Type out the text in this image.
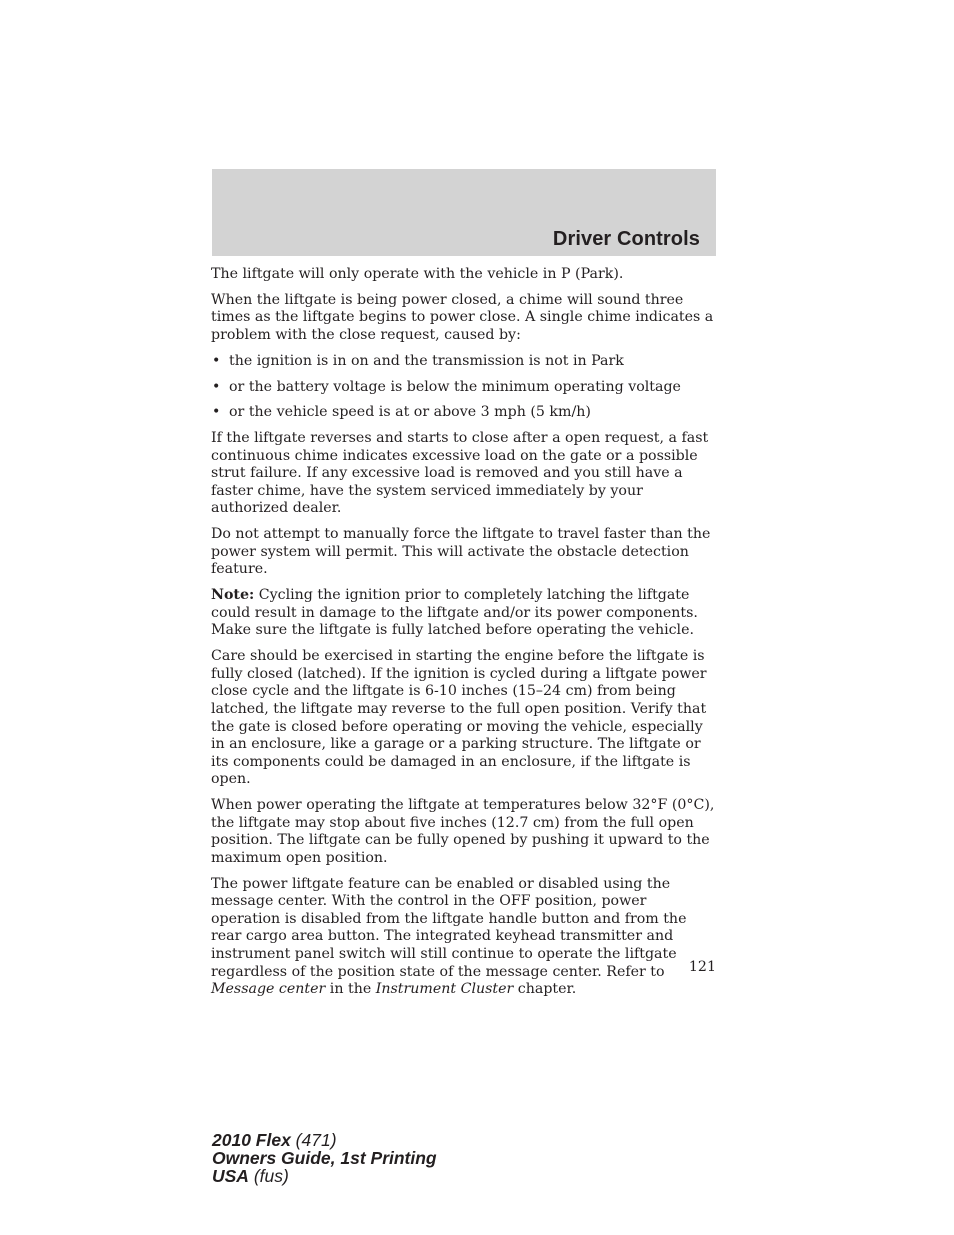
Driver Controls

The liftgate will only operate with the vehicle in P (Park).

When the liftgate is being power closed, a chime will sound three times as the liftgate begins to power close. A single chime indicates a problem with the close request, caused by:

• the ignition is in on and the transmission is not in Park
• or the battery voltage is below the minimum operating voltage
• or the vehicle speed is at or above 3 mph (5 km/h)

If the liftgate reverses and starts to close after a open request, a fast continuous chime indicates excessive load on the gate or a possible strut failure. If any excessive load is removed and you still have a faster chime, have the system serviced immediately by your authorized dealer.

Do not attempt to manually force the liftgate to travel faster than the power system will permit. This will activate the obstacle detection feature.

Note: Cycling the ignition prior to completely latching the liftgate could result in damage to the liftgate and/or its power components. Make sure the liftgate is fully latched before operating the vehicle.

Care should be exercised in starting the engine before the liftgate is fully closed (latched). If the ignition is cycled during a liftgate power close cycle and the liftgate is 6-10 inches (15–24 cm) from being latched, the liftgate may reverse to the full open position. Verify that the gate is closed before operating or moving the vehicle, especially in an enclosure, like a garage or a parking structure. The liftgate or its components could be damaged in an enclosure, if the liftgate is open.

When power operating the liftgate at temperatures below 32°F (0°C), the liftgate may stop about five inches (12.7 cm) from the full open position. The liftgate can be fully opened by pushing it upward to the maximum open position.

The power liftgate feature can be enabled or disabled using the message center. With the control in the OFF position, power operation is disabled from the liftgate handle button and from the rear cargo area button. The integrated keyhead transmitter and instrument panel switch will still continue to operate the liftgate regardless of the position state of the message center. Refer to Message center in the Instrument Cluster chapter.

121
2010 Flex (471)
Owners Guide, 1st Printing
USA (fus)
